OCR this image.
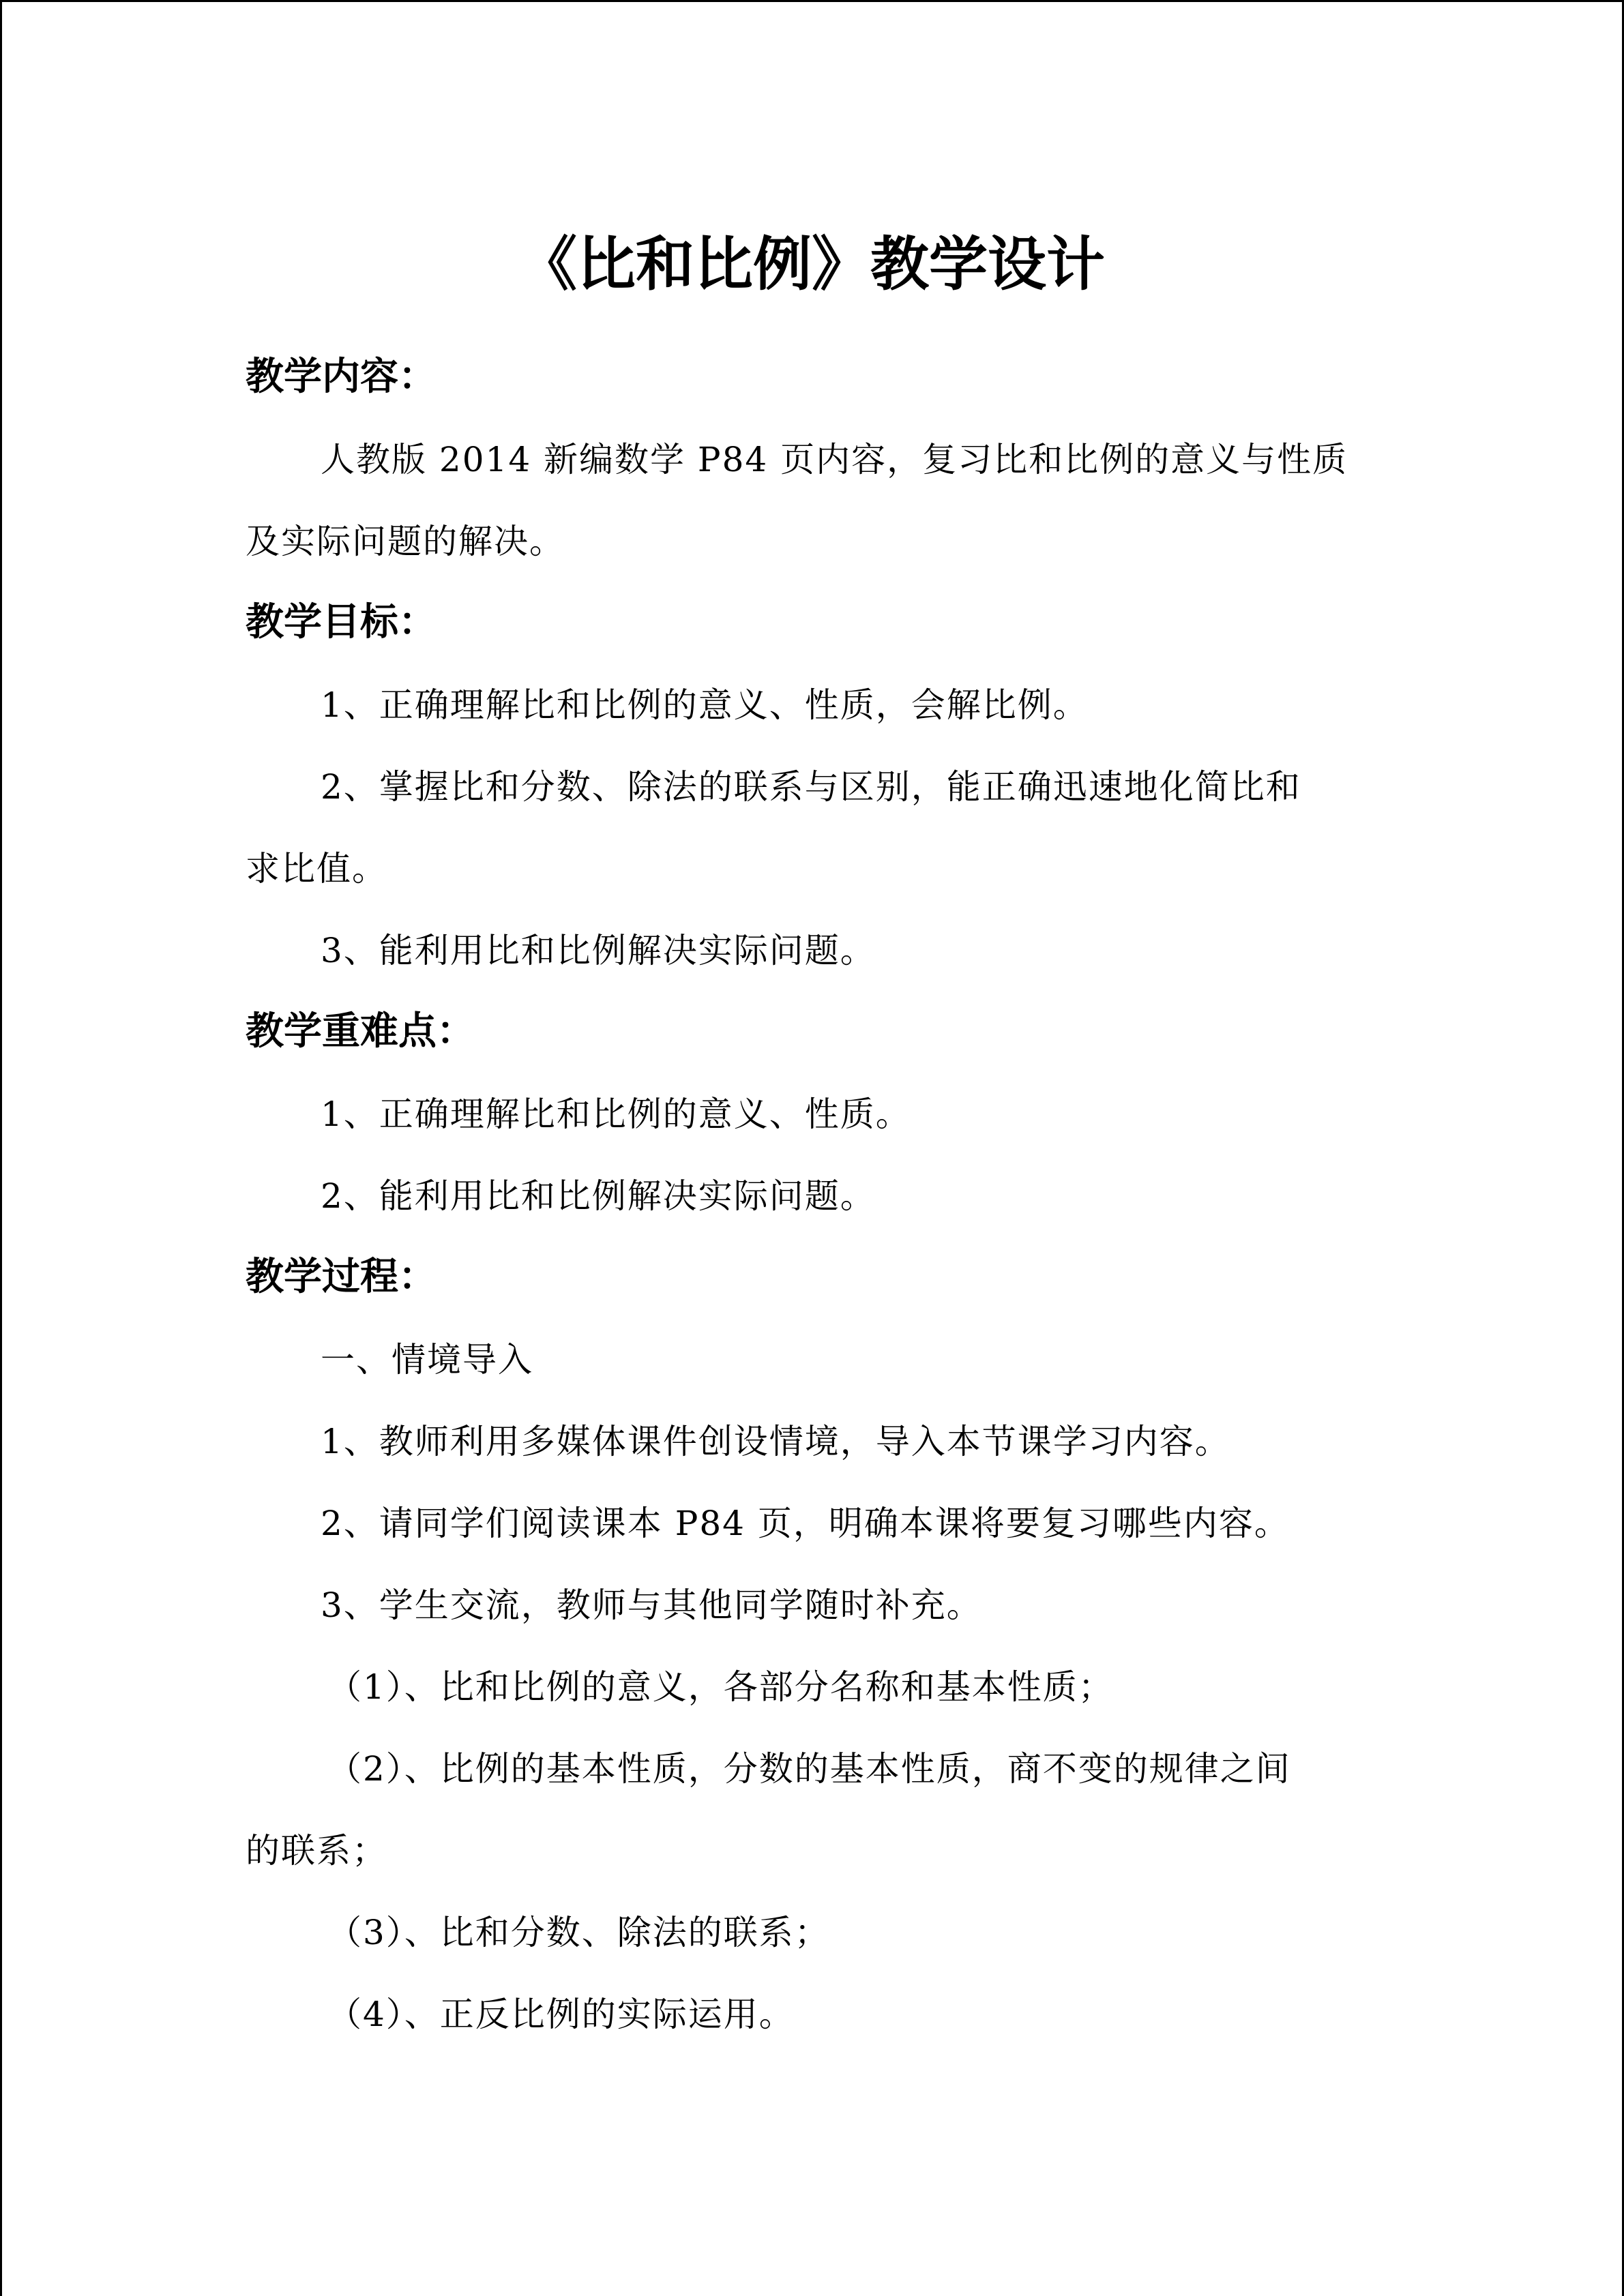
《比和比例》教学设计
教学内容：
人教版 2014 新编数学 P84 页内容，复习比和比例的意义与性质
及实际问题的解决。
教学目标：
1、正确理解比和比例的意义、性质，会解比例。
2、掌握比和分数、除法的联系与区别，能正确迅速地化简比和
求比值。
3、能利用比和比例解决实际问题。
教学重难点：
1、正确理解比和比例的意义、性质。
2、能利用比和比例解决实际问题。
教学过程：
一、情境导入
1、教师利用多媒体课件创设情境，导入本节课学习内容。
2、请同学们阅读课本 P84 页，明确本课将要复习哪些内容。
3、学生交流，教师与其他同学随时补充。
（1）、比和比例的意义，各部分名称和基本性质；
（2）、比例的基本性质，分数的基本性质，商不变的规律之间
的联系；
（3）、比和分数、除法的联系；
（4）、正反比例的实际运用。
